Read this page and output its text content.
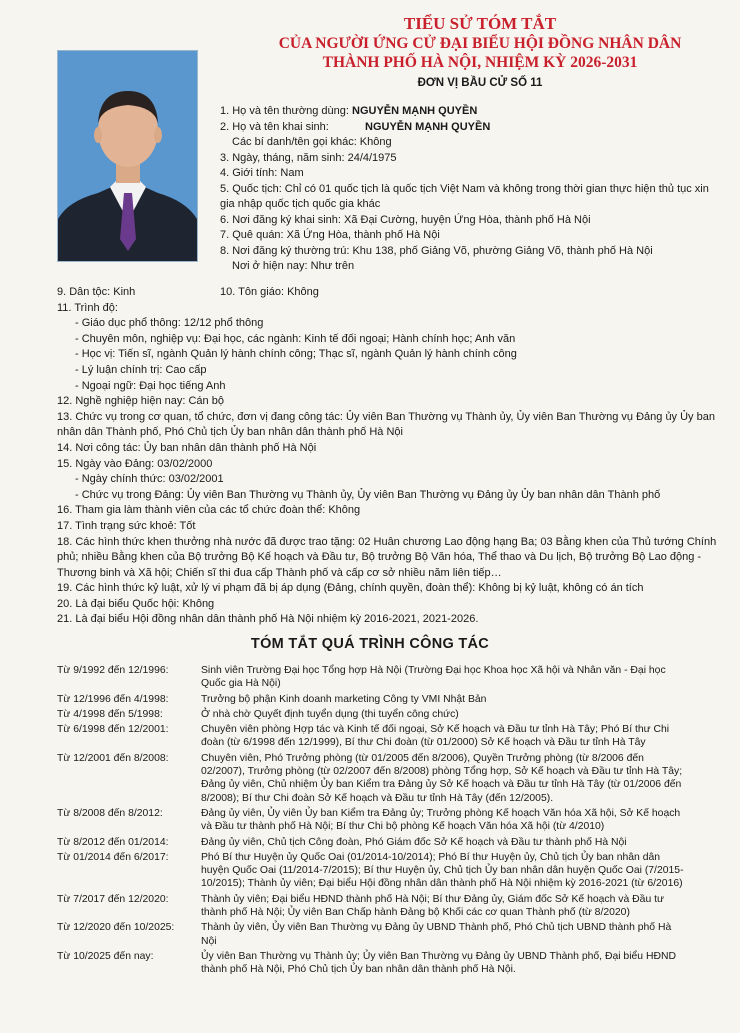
TIỂU SỬ TÓM TẮT
CỦA NGƯỜI ỨNG CỬ ĐẠI BIỂU HỘI ĐỒNG NHÂN DÂN
THÀNH PHỐ HÀ NỘI, NHIỆM KỲ 2026-2031
ĐƠN VỊ BẦU CỬ SỐ 11
1. Họ và tên thường dùng: NGUYỄN MẠNH QUYỀN
2. Họ và tên khai sinh:	NGUYỄN MẠNH QUYỀN
Các bí danh/tên gọi khác: Không
3. Ngày, tháng, năm sinh: 24/4/1975
4. Giới tính: Nam
5. Quốc tịch: Chỉ có 01 quốc tịch là quốc tịch Việt Nam và không trong thời gian thực hiện thủ tục xin gia nhập quốc tịch quốc gia khác
6. Nơi đăng ký khai sinh: Xã Đại Cường, huyện Ứng Hòa, thành phố Hà Nội
7. Quê quán: Xã Ứng Hòa, thành phố Hà Nội
8. Nơi đăng ký thường trú: Khu 138, phố Giảng Võ, phường Giảng Võ, thành phố Hà Nội
Nơi ở hiện nay: Như trên
9. Dân tộc: Kinh	10. Tôn giáo: Không
11. Trình độ:
- Giáo dục phổ thông: 12/12 phổ thông
- Chuyên môn, nghiệp vụ: Đại học, các ngành: Kinh tế đối ngoại; Hành chính học; Anh văn
- Học vị: Tiến sĩ, ngành Quản lý hành chính công; Thạc sĩ, ngành Quản lý hành chính công
- Lý luận chính trị: Cao cấp
- Ngoại ngữ: Đại học tiếng Anh
12. Nghề nghiệp hiện nay: Cán bộ
13. Chức vụ trong cơ quan, tổ chức, đơn vị đang công tác: Ủy viên Ban Thường vụ Thành ủy, Ủy viên Ban Thường vụ Đảng ủy Ủy ban nhân dân Thành phố, Phó Chủ tịch Ủy ban nhân dân thành phố Hà Nội
14. Nơi công tác: Ủy ban nhân dân thành phố Hà Nội
15. Ngày vào Đảng: 03/02/2000
- Ngày chính thức: 03/02/2001
- Chức vụ trong Đảng: Ủy viên Ban Thường vụ Thành ủy, Ủy viên Ban Thường vụ Đảng ủy Ủy ban nhân dân Thành phố
16. Tham gia làm thành viên của các tổ chức đoàn thể: Không
17. Tình trạng sức khoẻ: Tốt
18. Các hình thức khen thưởng nhà nước đã được trao tặng: 02 Huân chương Lao động hạng Ba; 03 Bằng khen của Thủ tướng Chính phủ; nhiều Bằng khen của Bộ trưởng Bộ Kế hoạch và Đầu tư, Bộ trưởng Bộ Văn hóa, Thể thao và Du lịch, Bộ trưởng Bộ Lao động - Thương binh và Xã hội; Chiến sĩ thi đua cấp Thành phố và cấp cơ sở nhiều năm liên tiếp…
19. Các hình thức kỷ luật, xử lý vi phạm đã bị áp dụng (Đảng, chính quyền, đoàn thể): Không bị kỷ luật, không có án tích
20. Là đại biểu Quốc hội: Không
21. Là đại biểu Hội đồng nhân dân thành phố Hà Nội nhiệm kỳ 2016-2021, 2021-2026.
TÓM TẮT QUÁ TRÌNH CÔNG TÁC
Từ 9/1992 đến 12/1996:	Sinh viên Trường Đại học Tổng hợp Hà Nội (Trường Đại học Khoa học Xã hội và Nhân văn - Đại học Quốc gia Hà Nội)
Từ 12/1996 đến 4/1998:	Trưởng bộ phận Kinh doanh marketing Công ty VMI Nhật Bản
Từ 4/1998 đến 5/1998:	Ở nhà chờ Quyết định tuyển dụng (thi tuyển công chức)
Từ 6/1998 đến 12/2001:	Chuyên viên phòng Hợp tác và Kinh tế đối ngoại, Sở Kế hoạch và Đầu tư tỉnh Hà Tây; Phó Bí thư Chi đoàn (từ 6/1998 đến 12/1999), Bí thư Chi đoàn (từ 01/2000) Sở Kế hoạch và Đầu tư tỉnh Hà Tây
Từ 12/2001 đến 8/2008:	Chuyên viên, Phó Trưởng phòng (từ 01/2005 đến 8/2006), Quyền Trưởng phòng (từ 8/2006 đến 02/2007), Trưởng phòng (từ 02/2007 đến 8/2008) phòng Tổng hợp, Sở Kế hoạch và Đầu tư tỉnh Hà Tây; Đảng ủy viên, Chủ nhiệm Ủy ban Kiểm tra Đảng ủy Sở Kế hoạch và Đầu tư tỉnh Hà Tây (từ 01/2006 đến 8/2008); Bí thư Chi đoàn Sở Kế hoạch và Đầu tư tỉnh Hà Tây (đến 12/2005).
Từ 8/2008 đến 8/2012:	Đảng ủy viên, Ủy viên Ủy ban Kiểm tra Đảng ủy; Trưởng phòng Kế hoạch Văn hóa Xã hội, Sở Kế hoạch và Đầu tư thành phố Hà Nội; Bí thư Chi bộ phòng Kế hoạch Văn hóa Xã hội (từ 4/2010)
Từ 8/2012 đến 01/2014:	Đảng ủy viên, Chủ tịch Công đoàn, Phó Giám đốc Sở Kế hoạch và Đầu tư thành phố Hà Nội
Từ 01/2014 đến 6/2017:	Phó Bí thư Huyện ủy Quốc Oai (01/2014-10/2014); Phó Bí thư Huyện ủy, Chủ tịch Ủy ban nhân dân huyện Quốc Oai (11/2014-7/2015); Bí thư Huyện ủy, Chủ tịch Ủy ban nhân dân huyện Quốc Oai (7/2015-10/2015); Thành ủy viên; Đại biểu Hội đồng nhân dân thành phố Hà Nội nhiệm kỳ 2016-2021 (từ 6/2016)
Từ 7/2017 đến 12/2020:	Thành ủy viên; Đại biểu HĐND thành phố Hà Nội; Bí thư Đảng ủy, Giám đốc Sở Kế hoạch và Đầu tư thành phố Hà Nội; Ủy viên Ban Chấp hành Đảng bộ Khối các cơ quan Thành phố (từ 8/2020)
Từ 12/2020 đến 10/2025:	Thành ủy viên, Ủy viên Ban Thường vụ Đảng ủy UBND Thành phố, Phó Chủ tịch UBND thành phố Hà Nội
Từ 10/2025 đến nay:	Ủy viên Ban Thường vụ Thành ủy; Ủy viên Ban Thường vụ Đảng ủy UBND Thành phố, Đại biểu HĐND thành phố Hà Nội, Phó Chủ tịch Ủy ban nhân dân thành phố Hà Nội.
